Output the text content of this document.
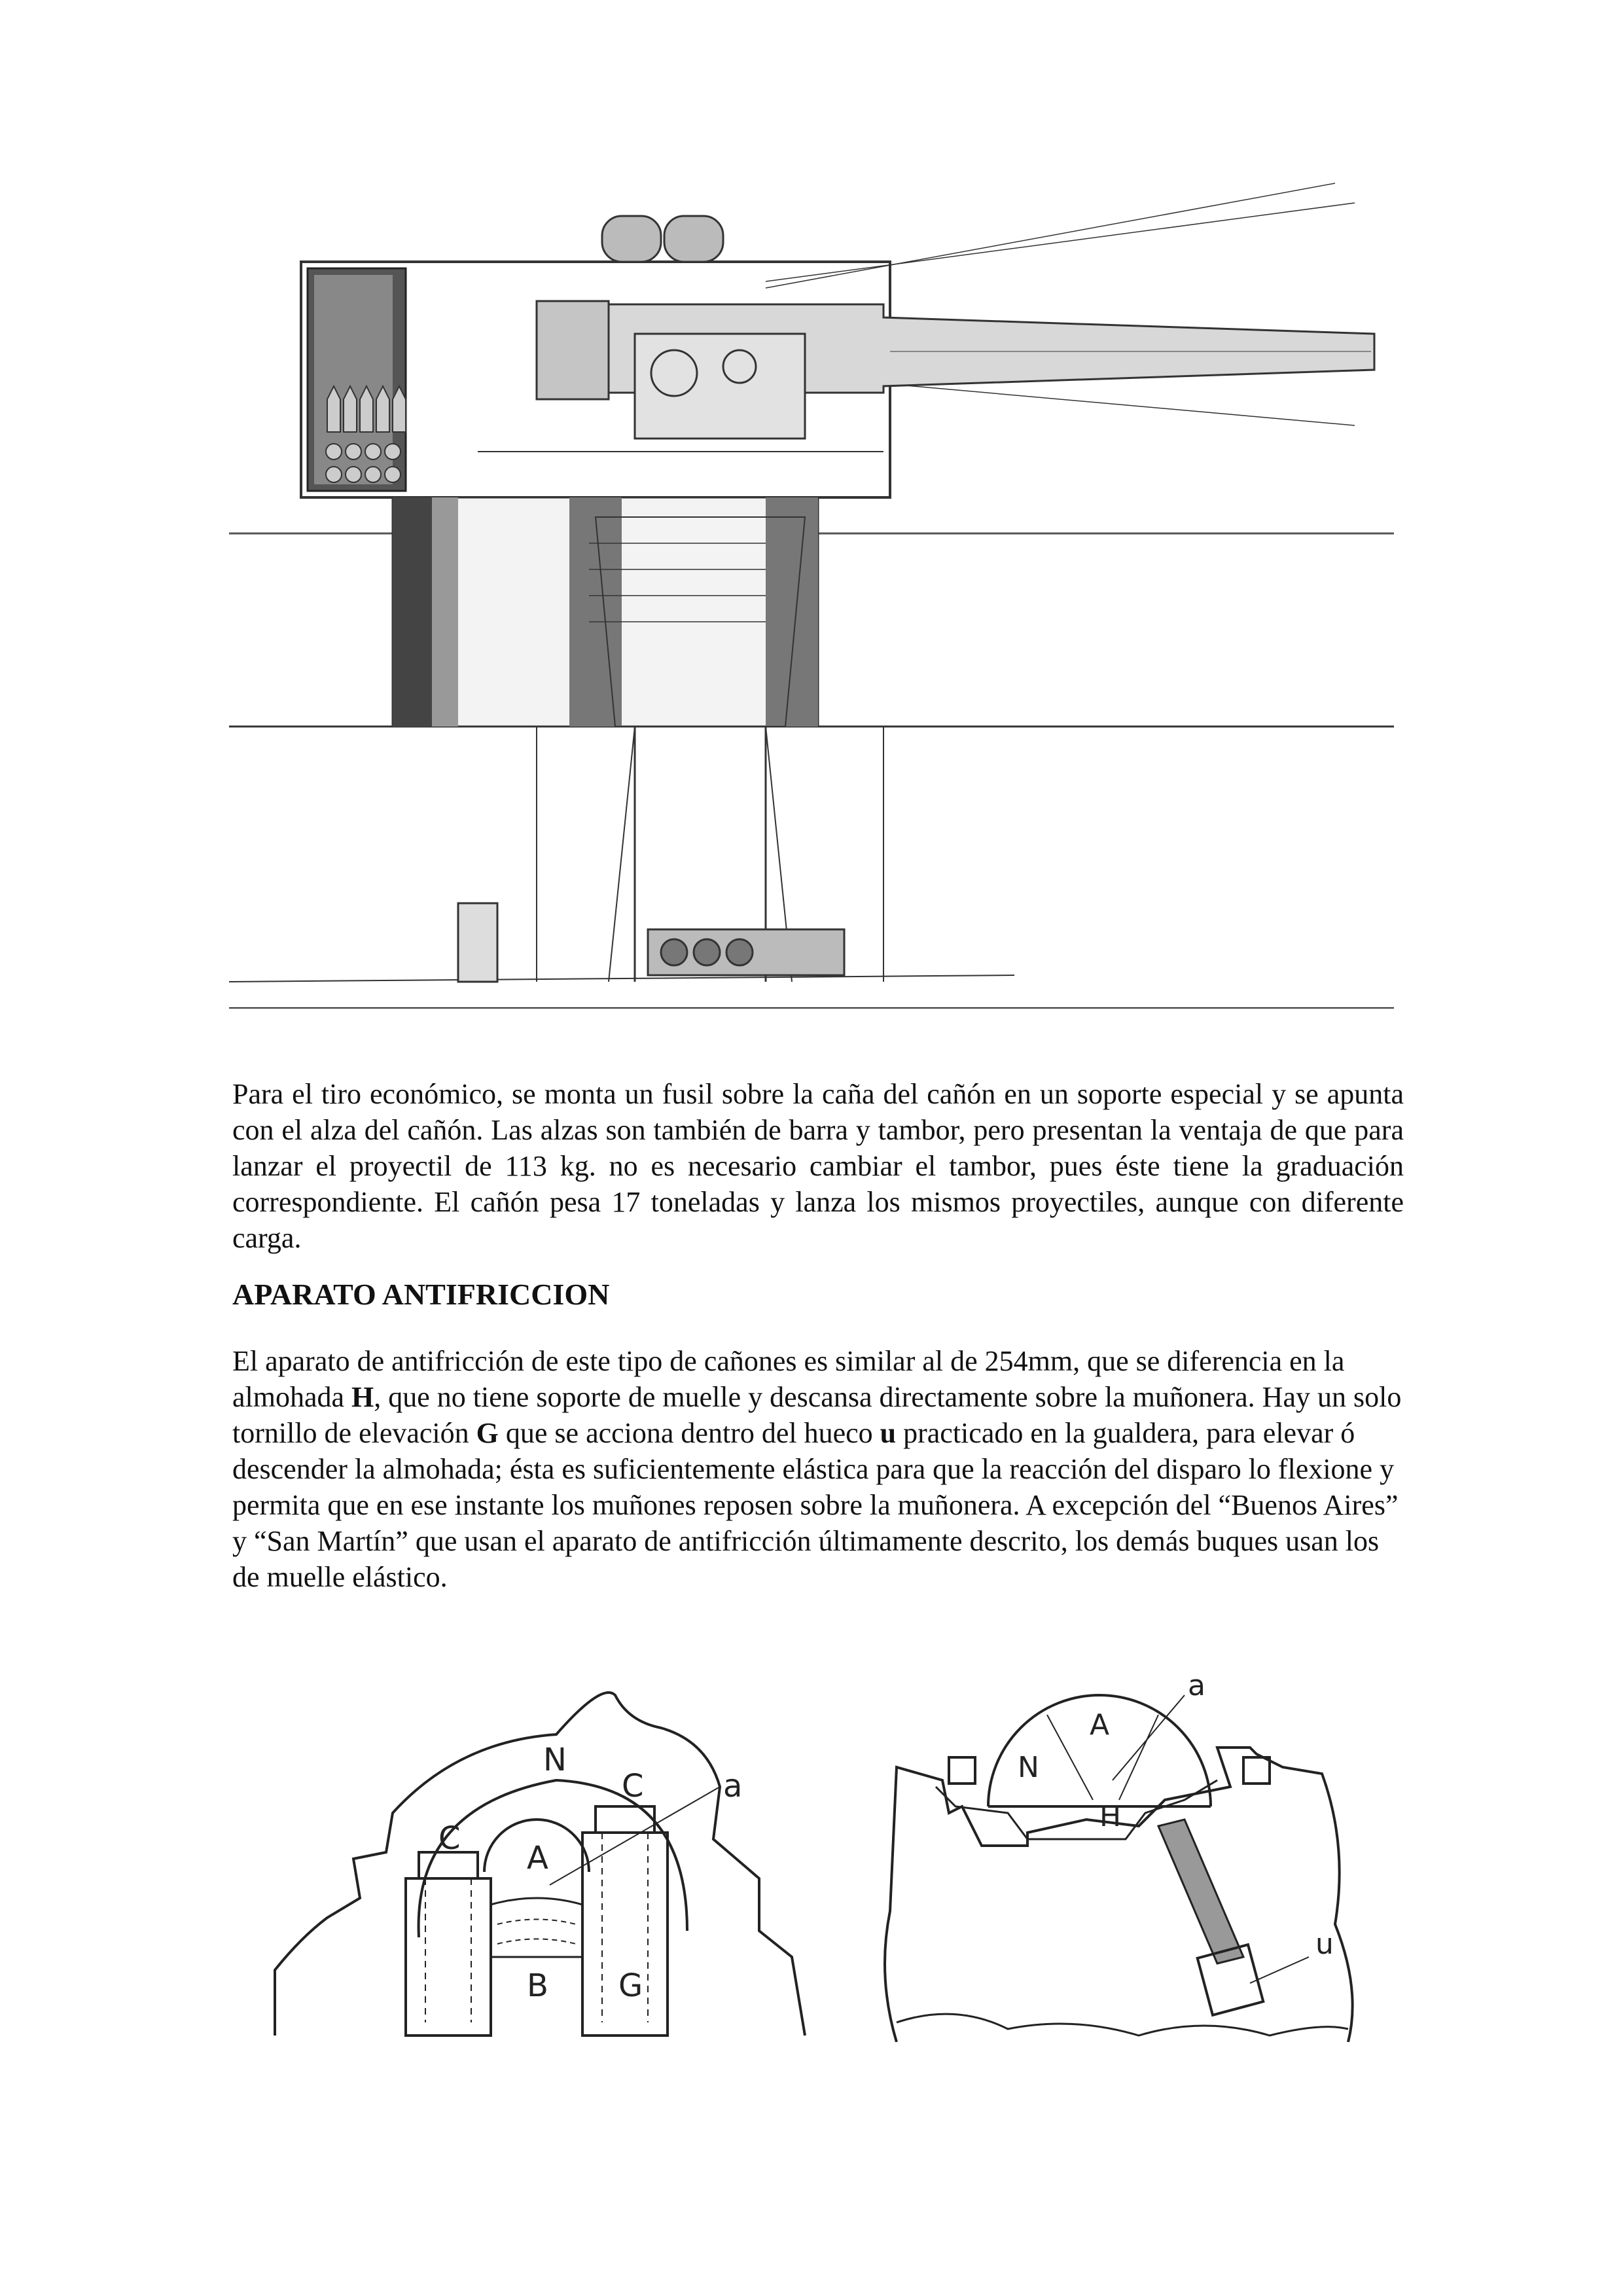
Para el tiro económico, se monta un fusil sobre la caña del cañón en un soporte especial y se apunta con el alza del cañón. Las alzas son también de barra y tambor, pero presentan la ventaja de que para lanzar el proyectil de 113 kg. no es necesario cambiar el tambor, pues éste tiene la graduación correspondiente. El cañón pesa 17 toneladas y lanza los mismos proyectiles, aunque con diferente carga.

APARATO ANTIFRICCION

El aparato de antifricción de este tipo de cañones es similar al de 254mm, que se diferencia en la almohada H, que no tiene soporte de muelle y descansa directamente sobre la muñonera. Hay un solo tornillo de elevación G que se acciona dentro del hueco u practicado en la gualdera, para elevar ó descender la almohada; ésta es suficientemente elástica para que la reacción del disparo lo flexione y permita que en ese instante los muñones reposen sobre la muñonera. A excepción del “Buenos Aires” y “San Martín” que usan el aparato de antifricción últimamente descrito, los demás buques usan los de muelle elástico.

N
C
C
A
a
B G
A
a
N
H
u
